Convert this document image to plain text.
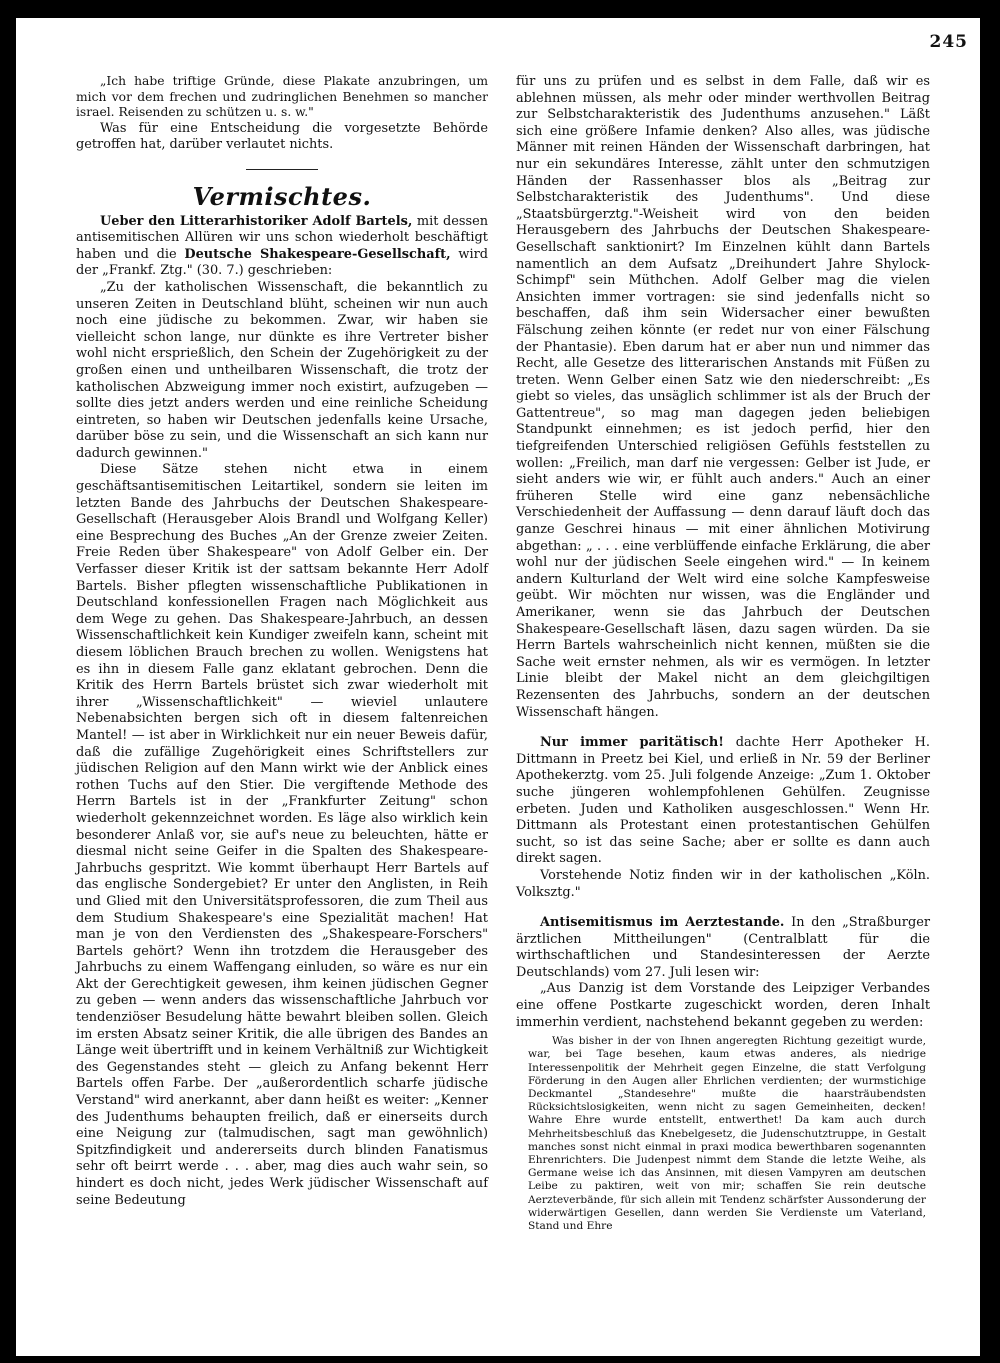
245

„Ich habe triftige Gründe, diese Plakate anzubringen, um mich vor dem frechen und zudringlichen Benehmen so mancher israel. Reisenden zu schützen u. s. w."

Was für eine Entscheidung die vorgesetzte Behörde getroffen hat, darüber verlautet nichts.

Vermischtes.

Ueber den Litterarhistoriker Adolf Bartels, mit dessen antisemitischen Allüren wir uns schon wiederholt beschäftigt haben und die Deutsche Shakespeare-Gesellschaft, wird der „Frankf. Ztg." (30. 7.) geschrieben:

„Zu der katholischen Wissenschaft, die bekanntlich zu unseren Zeiten in Deutschland blüht, scheinen wir nun auch noch eine jüdische zu bekommen. Zwar, wir haben sie vielleicht schon lange, nur dünkte es ihre Vertreter bisher wohl nicht ersprießlich, den Schein der Zugehörigkeit zu der großen einen und untheilbaren Wissenschaft, die trotz der katholischen Abzweigung immer noch existirt, aufzugeben — sollte dies jetzt anders werden und eine reinliche Scheidung eintreten, so haben wir Deutschen jedenfalls keine Ursache, darüber böse zu sein, und die Wissenschaft an sich kann nur dadurch gewinnen."

Diese Sätze stehen nicht etwa in einem geschäftsantisemitischen Leitartikel, sondern sie leiten im letzten Bande des Jahrbuchs der Deutschen Shakespeare-Gesellschaft (Herausgeber Alois Brandl und Wolfgang Keller) eine Besprechung des Buches „An der Grenze zweier Zeiten. Freie Reden über Shakespeare" von Adolf Gelber ein. Der Verfasser dieser Kritik ist der sattsam bekannte Herr Adolf Bartels. Bisher pflegten wissenschaftliche Publikationen in Deutschland konfessionellen Fragen nach Möglichkeit aus dem Wege zu gehen. Das Shakespeare-Jahrbuch, an dessen Wissenschaftlichkeit kein Kundiger zweifeln kann, scheint mit diesem löblichen Brauch brechen zu wollen. Wenigstens hat es ihn in diesem Falle ganz eklatant gebrochen. Denn die Kritik des Herrn Bartels brüstet sich zwar wiederholt mit ihrer „Wissenschaftlichkeit" — wieviel unlautere Nebenabsichten bergen sich oft in diesem faltenreichen Mantel! — ist aber in Wirklichkeit nur ein neuer Beweis dafür, daß die zufällige Zugehörigkeit eines Schriftstellers zur jüdischen Religion auf den Mann wirkt wie der Anblick eines rothen Tuchs auf den Stier. Die vergiftende Methode des Herrn Bartels ist in der „Frankfurter Zeitung" schon wiederholt gekennzeichnet worden. Es läge also wirklich kein besonderer Anlaß vor, sie auf's neue zu beleuchten, hätte er diesmal nicht seine Geifer in die Spalten des Shakespeare-Jahrbuchs gespritzt. Wie kommt überhaupt Herr Bartels auf das englische Sondergebiet? Er unter den Anglisten, in Reih und Glied mit den Universitätsprofessoren, die zum Theil aus dem Studium Shakespeare's eine Spezialität machen! Hat man je von den Verdiensten des „Shakespeare-Forschers" Bartels gehört? Wenn ihn trotzdem die Herausgeber des Jahrbuchs zu einem Waffengang einluden, so wäre es nur ein Akt der Gerechtigkeit gewesen, ihm keinen jüdischen Gegner zu geben — wenn anders das wissenschaftliche Jahrbuch vor tendenziöser Besudelung hätte bewahrt bleiben sollen. Gleich im ersten Absatz seiner Kritik, die alle übrigen des Bandes an Länge weit übertrifft und in keinem Verhältniß zur Wichtigkeit des Gegenstandes steht — gleich zu Anfang bekennt Herr Bartels offen Farbe. Der „außerordentlich scharfe jüdische Verstand" wird anerkannt, aber dann heißt es weiter: „Kenner des Judenthums behaupten freilich, daß er einerseits durch eine Neigung zur (talmudischen, sagt man gewöhnlich) Spitzfindigkeit und andererseits durch blinden Fanatismus sehr oft beirrt werde . . . aber, mag dies auch wahr sein, so hindert es doch nicht, jedes Werk jüdischer Wissenschaft auf seine Bedeutung

für uns zu prüfen und es selbst in dem Falle, daß wir es ablehnen müssen, als mehr oder minder werthvollen Beitrag zur Selbstcharakteristik des Judenthums anzusehen." Läßt sich eine größere Infamie denken? Also alles, was jüdische Männer mit reinen Händen der Wissenschaft darbringen, hat nur ein sekundäres Interesse, zählt unter den schmutzigen Händen der Rassenhasser blos als „Beitrag zur Selbstcharakteristik des Judenthums". Und diese „Staatsbürgerztg."-Weisheit wird von den beiden Herausgebern des Jahrbuchs der Deutschen Shakespeare-Gesellschaft sanktionirt? Im Einzelnen kühlt dann Bartels namentlich an dem Aufsatz „Dreihundert Jahre Shylock-Schimpf" sein Müthchen. Adolf Gelber mag die vielen Ansichten immer vortragen: sie sind jedenfalls nicht so beschaffen, daß ihm sein Widersacher einer bewußten Fälschung zeihen könnte (er redet nur von einer Fälschung der Phantasie). Eben darum hat er aber nun und nimmer das Recht, alle Gesetze des litterarischen Anstands mit Füßen zu treten. Wenn Gelber einen Satz wie den niederschreibt: „Es giebt so vieles, das unsäglich schlimmer ist als der Bruch der Gattentreue", so mag man dagegen jeden beliebigen Standpunkt einnehmen; es ist jedoch perfid, hier den tiefgreifenden Unterschied religiösen Gefühls feststellen zu wollen: „Freilich, man darf nie vergessen: Gelber ist Jude, er sieht anders wie wir, er fühlt auch anders." Auch an einer früheren Stelle wird eine ganz nebensächliche Verschiedenheit der Auffassung — denn darauf läuft doch das ganze Geschrei hinaus — mit einer ähnlichen Motivirung abgethan: „ . . . eine verblüffende einfache Erklärung, die aber wohl nur der jüdischen Seele eingehen wird." — In keinem andern Kulturland der Welt wird eine solche Kampfesweise geübt. Wir möchten nur wissen, was die Engländer und Amerikaner, wenn sie das Jahrbuch der Deutschen Shakespeare-Gesellschaft läsen, dazu sagen würden. Da sie Herrn Bartels wahrscheinlich nicht kennen, müßten sie die Sache weit ernster nehmen, als wir es vermögen. In letzter Linie bleibt der Makel nicht an dem gleichgiltigen Rezensenten des Jahrbuchs, sondern an der deutschen Wissenschaft hängen.

Nur immer paritätisch! dachte Herr Apotheker H. Dittmann in Preetz bei Kiel, und erließ in Nr. 59 der Berliner Apothekerztg. vom 25. Juli folgende Anzeige: „Zum 1. Oktober suche jüngeren wohlempfohlenen Gehülfen. Zeugnisse erbeten. Juden und Katholiken ausgeschlossen." Wenn Hr. Dittmann als Protestant einen protestantischen Gehülfen sucht, so ist das seine Sache; aber er sollte es dann auch direkt sagen.

Vorstehende Notiz finden wir in der katholischen „Köln. Volksztg."

Antisemitismus im Aerztestande. In den „Straßburger ärztlichen Mittheilungen" (Centralblatt für die wirthschaftlichen und Standesinteressen der Aerzte Deutschlands) vom 27. Juli lesen wir:

„Aus Danzig ist dem Vorstande des Leipziger Verbandes eine offene Postkarte zugeschickt worden, deren Inhalt immerhin verdient, nachstehend bekannt gegeben zu werden:

Was bisher in der von Ihnen angeregten Richtung gezeitigt wurde, war, bei Tage besehen, kaum etwas anderes, als niedrige Interessenpolitik der Mehrheit gegen Einzelne, die statt Verfolgung Förderung in den Augen aller Ehrlichen verdienten; der wurmstichige Deckmantel „Standesehre" mußte die haarsträubendsten Rücksichtslosigkeiten, wenn nicht zu sagen Gemeinheiten, decken! Wahre Ehre wurde entstellt, entwerthet! Da kam auch durch Mehrheitsbeschluß das Knebelgesetz, die Judenschutztruppe, in Gestalt manches sonst nicht einmal in praxi modica bewerthbaren sogenannten Ehrenrichters. Die Judenpest nimmt dem Stande die letzte Weihe, als Germane weise ich das Ansinnen, mit diesen Vampyren am deutschen Leibe zu paktiren, weit von mir; schaffen Sie rein deutsche Aerzteverbände, für sich allein mit Tendenz schärfster Aussonderung der widerwärtigen Gesellen, dann werden Sie Verdienste um Vaterland, Stand und Ehre
